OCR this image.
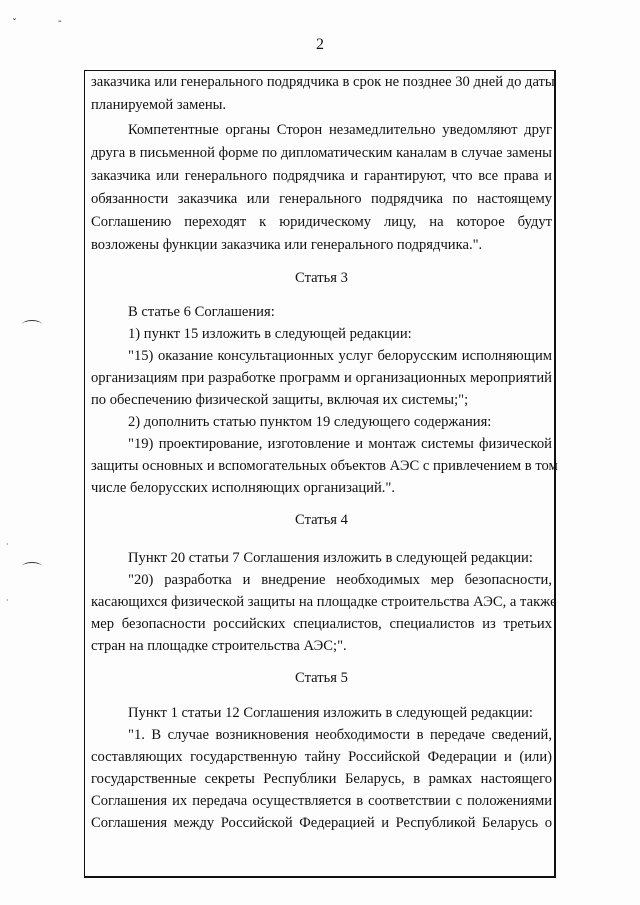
ˇ	-
·
·
2
заказчика или генерального подрядчика в срок не позднее 30 дней до даты
планируемой замены.
Компетентные органы Сторон незамедлительно уведомляют друг
друга в письменной форме по дипломатическим каналам в случае замены
заказчика или генерального подрядчика и гарантируют, что все права и
обязанности заказчика или генерального подрядчика по настоящему
Соглашению переходят к юридическому лицу, на которое будут
возложены функции заказчика или генерального подрядчика.".
Статья 3
В статье 6 Соглашения:
1) пункт 15 изложить в следующей редакции:
"15) оказание консультационных услуг белорусским исполняющим
организациям при разработке программ и организационных мероприятий
по обеспечению физической защиты, включая их системы;";
2) дополнить статью пунктом 19 следующего содержания:
"19) проектирование, изготовление и монтаж системы физической
защиты основных и вспомогательных объектов АЭС с привлечением в том
числе белорусских исполняющих организаций.".
Статья 4
Пункт 20 статьи 7 Соглашения изложить в следующей редакции:
"20) разработка и внедрение необходимых мер безопасности,
касающихся физической защиты на площадке строительства АЭС, а также
мер безопасности российских специалистов, специалистов из третьих
стран на площадке строительства АЭС;".
Статья 5
Пункт 1 статьи 12 Соглашения изложить в следующей редакции:
"1. В случае возникновения необходимости в передаче сведений,
составляющих государственную тайну Российской Федерации и (или)
государственные секреты Республики Беларусь, в рамках настоящего
Соглашения их передача осуществляется в соответствии с положениями
Соглашения между Российской Федерацией и Республикой Беларусь о
